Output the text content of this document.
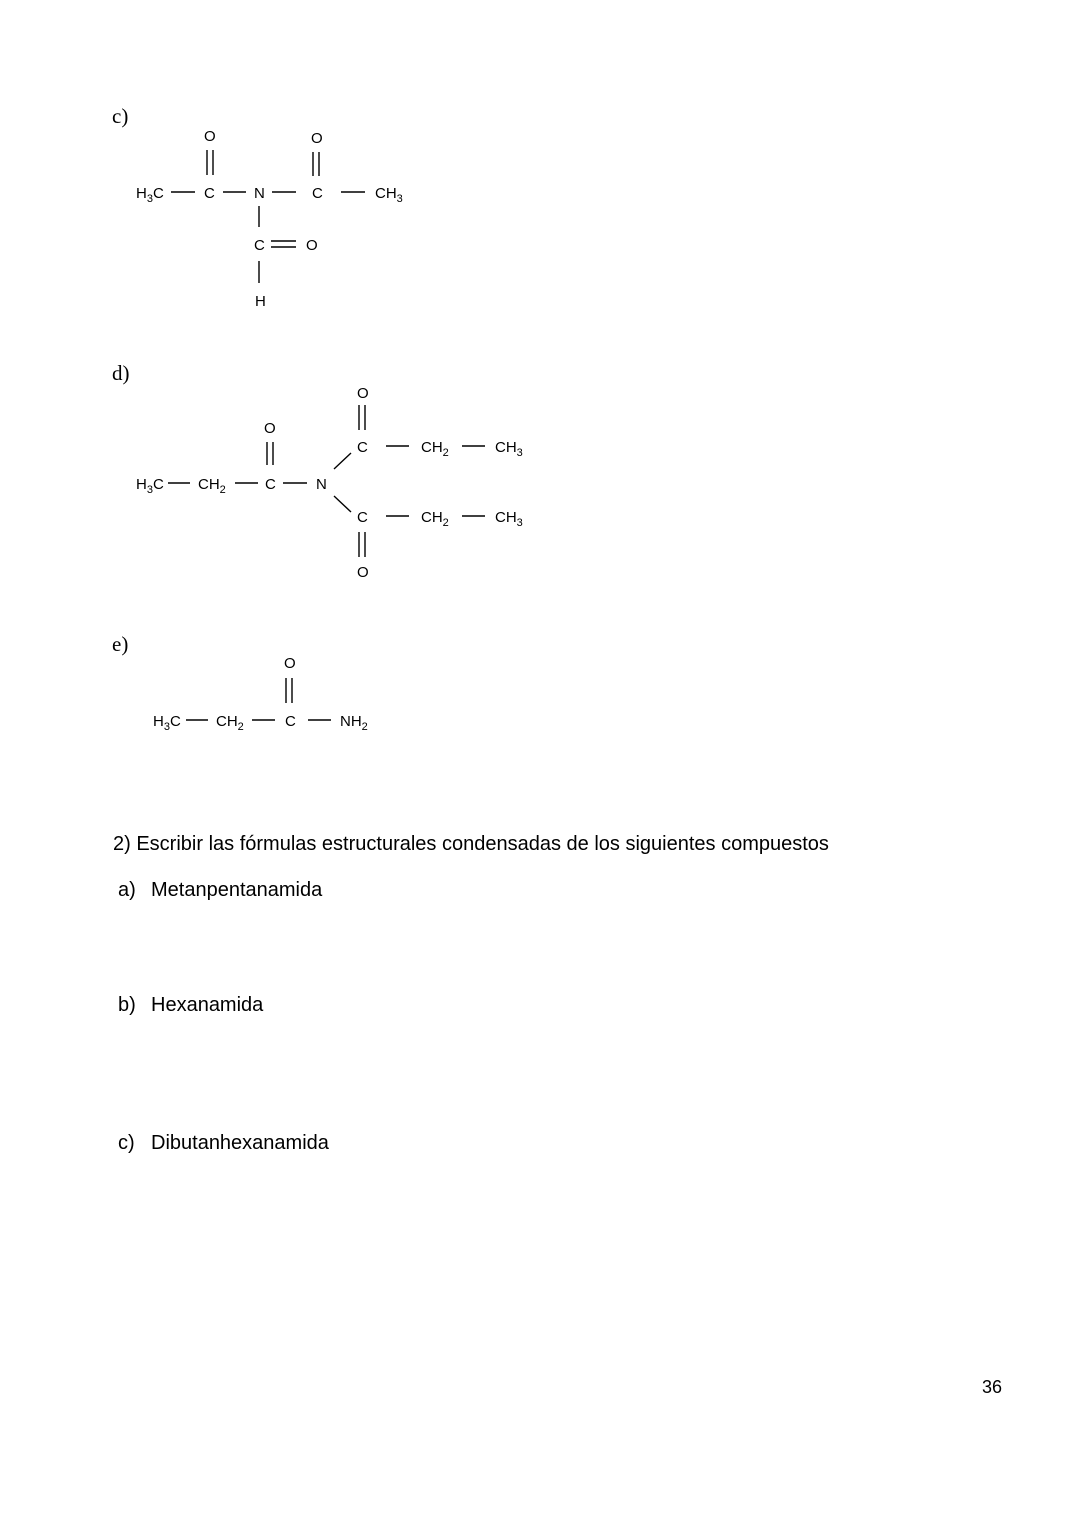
c)
$H_3C$	C	N	C	$CH_3$
O	O
C	O
H
d)
$H_3C$ $CH_2$	C	N
O
C
O
$CH_2$	$CH_3$
C
O
$CH_2$	$CH_3$
e)
$H_3C$ $CH_2$	C
O
$NH_2$
2) Escribir las fórmulas estructurales condensadas de los siguientes compuestos
a) Metanpentanamida
b) Hexanamida
c) Dibutanhexanamida
36
